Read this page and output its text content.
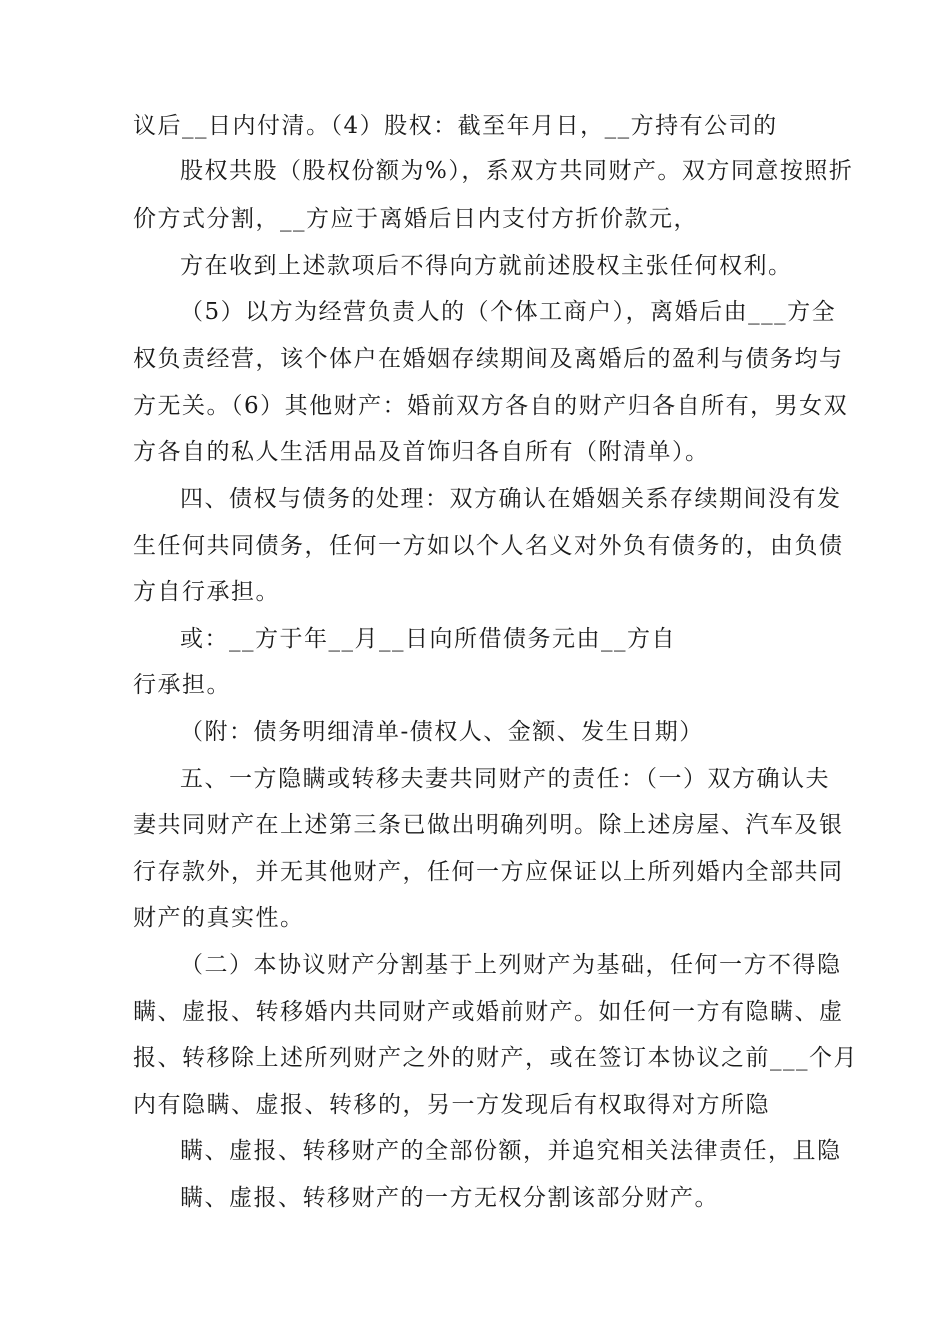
议后__日内付清。（4）股权：截至年月日，__方持有公司的
股权共股（股权份额为%），系双方共同财产。双方同意按照折
价方式分割，__方应于离婚后日内支付方折价款元，
方在收到上述款项后不得向方就前述股权主张任何权利。
（5）以方为经营负责人的（个体工商户），离婚后由___方全
权负责经营，该个体户在婚姻存续期间及离婚后的盈利与债务均与
方无关。（6）其他财产：婚前双方各自的财产归各自所有，男女双
方各自的私人生活用品及首饰归各自所有（附清单）。
四、债权与债务的处理：双方确认在婚姻关系存续期间没有发
生任何共同债务，任何一方如以个人名义对外负有债务的，由负债
方自行承担。
或：__方于年__月__日向所借债务元由__方自
行承担。
（附：债务明细清单-债权人、金额、发生日期）
五、一方隐瞒或转移夫妻共同财产的责任：（一）双方确认夫
妻共同财产在上述第三条已做出明确列明。除上述房屋、汽车及银
行存款外，并无其他财产，任何一方应保证以上所列婚内全部共同
财产的真实性。
（二）本协议财产分割基于上列财产为基础，任何一方不得隐
瞒、虚报、转移婚内共同财产或婚前财产。如任何一方有隐瞒、虚
报、转移除上述所列财产之外的财产，或在签订本协议之前___个月
内有隐瞒、虚报、转移的，另一方发现后有权取得对方所隐
瞒、虚报、转移财产的全部份额，并追究相关法律责任，且隐
瞒、虚报、转移财产的一方无权分割该部分财产。
